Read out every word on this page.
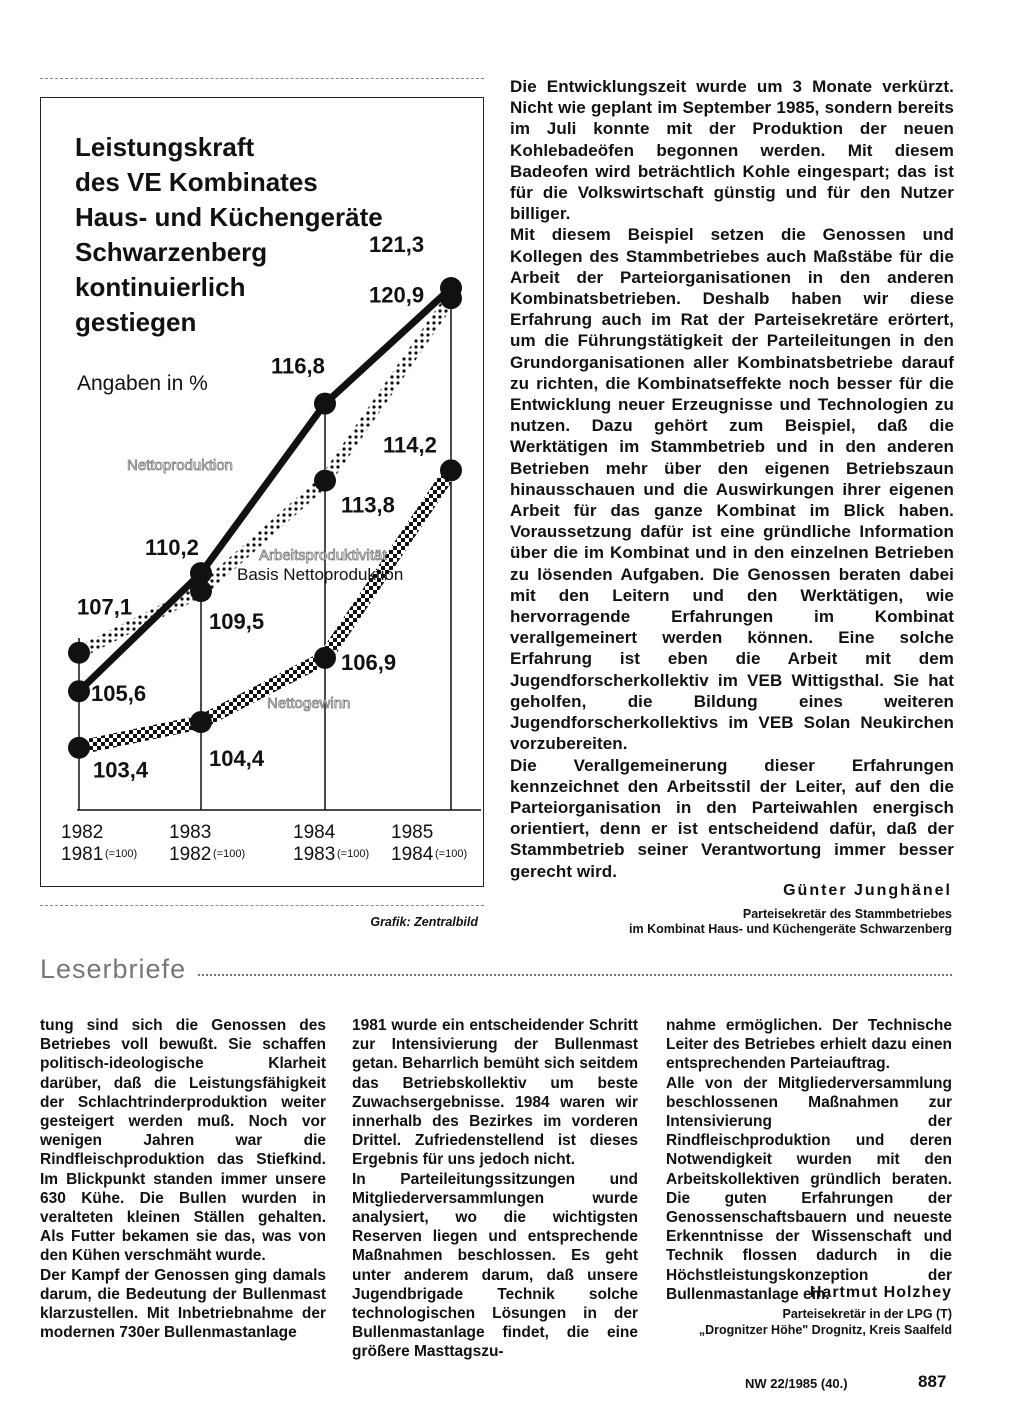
Leistungskraft
des VE Kombinates
Haus- und Küchengeräte
Schwarzenberg
kontinuierlich
gestiegen
Angaben in %
1982	1983	1984	1985
1981 (=100) 1982 (=100)	1983 (=100) 1984 (=100)
105,6
110,2
116,8
121,3
107,1
109,5
113,8
120,9
103,4	104,4
106,9
114,2
Nettoproduktion
Arbeitsproduktivität
Basis Nettoproduktion
Nettogewinn
Grafik: Zentralbild

Die Entwicklungszeit wurde um 3 Monate verkürzt. Nicht wie geplant im September 1985, sondern bereits im Juli konnte mit der Produktion der neuen Kohlebadeöfen begonnen werden. Mit diesem Badeofen wird beträchtlich Kohle eingespart; das ist für die Volkswirtschaft günstig und für den Nutzer billiger.

Mit diesem Beispiel setzen die Genossen und Kollegen des Stammbetriebes auch Maßstäbe für die Arbeit der Parteiorganisationen in den anderen Kombinatsbetrieben. Deshalb haben wir diese Erfahrung auch im Rat der Parteisekretäre erörtert, um die Führungstätigkeit der Parteileitungen in den Grundorganisationen aller Kombinatsbetriebe darauf zu richten, die Kombinatseffekte noch besser für die Entwicklung neuer Erzeugnisse und Technologien zu nutzen. Dazu gehört zum Beispiel, daß die Werktätigen im Stammbetrieb und in den anderen Betrieben mehr über den eigenen Betriebszaun hinausschauen und die Auswirkungen ihrer eigenen Arbeit für das ganze Kombinat im Blick haben. Voraussetzung dafür ist eine gründliche Information über die im Kombinat und in den einzelnen Betrieben zu lösenden Aufgaben. Die Genossen beraten dabei mit den Leitern und den Werktätigen, wie hervorragende Erfahrungen im Kombinat verallgemeinert werden können. Eine solche Erfahrung ist eben die Arbeit mit dem Jugendforscherkollektiv im VEB Wittigsthal. Sie hat geholfen, die Bildung eines weiteren Jugendforscherkollektivs im VEB Solan Neukirchen vorzubereiten.

Die Verallgemeinerung dieser Erfahrungen kennzeichnet den Arbeitsstil der Leiter, auf den die Parteiorganisation in den Parteiwahlen energisch orientiert, denn er ist entscheidend dafür, daß der Stammbetrieb seiner Verantwortung immer besser gerecht wird.

Günter Junghänel
Parteisekretär des Stammbetriebes
im Kombinat Haus- und Küchengeräte Schwarzenberg
Leserbriefe

tung sind sich die Genossen des Betriebes voll bewußt. Sie schaffen politisch-ideologische Klarheit darüber, daß die Leistungsfähigkeit der Schlachtrinderproduktion weiter gesteigert werden muß. Noch vor wenigen Jahren war die Rindfleischproduktion das Stiefkind. Im Blickpunkt standen immer unsere 630 Kühe. Die Bullen wurden in veralteten kleinen Ställen gehalten. Als Futter bekamen sie das, was von den Kühen verschmäht wurde.

Der Kampf der Genossen ging damals darum, die Bedeutung der Bullenmast klarzustellen. Mit Inbetriebnahme der modernen 730er Bullenmastanlage

1981 wurde ein entscheidender Schritt zur Intensivierung der Bullenmast getan. Beharrlich bemüht sich seitdem das Betriebskollektiv um beste Zuwachsergebnisse. 1984 waren wir innerhalb des Bezirkes im vorderen Drittel. Zufriedenstellend ist dieses Ergebnis für uns jedoch nicht.

In Parteileitungssitzungen und Mitgliederversammlungen wurde analysiert, wo die wichtigsten Reserven liegen und entsprechende Maßnahmen beschlossen. Es geht unter anderem darum, daß unsere Jugendbrigade Technik solche technologischen Lösungen in der Bullenmastanlage findet, die eine größere Masttagszu-

nahme ermöglichen. Der Technische Leiter des Betriebes erhielt dazu einen entsprechenden Parteiauftrag.

Alle von der Mitgliederversammlung beschlossenen Maßnahmen zur Intensivierung der Rindfleischproduktion und deren Notwendigkeit wurden mit den Arbeitskollektiven gründlich beraten. Die guten Erfahrungen der Genossenschaftsbauern und neueste Erkenntnisse der Wissenschaft und Technik flossen dadurch in die Höchstleistungskonzeption der Bullenmastanlage ein.

Hartmut Holzhey
Parteisekretär in der LPG (T)
„Drognitzer Höhe" Drognitz, Kreis Saalfeld
NW 22/1985 (40.)	887
